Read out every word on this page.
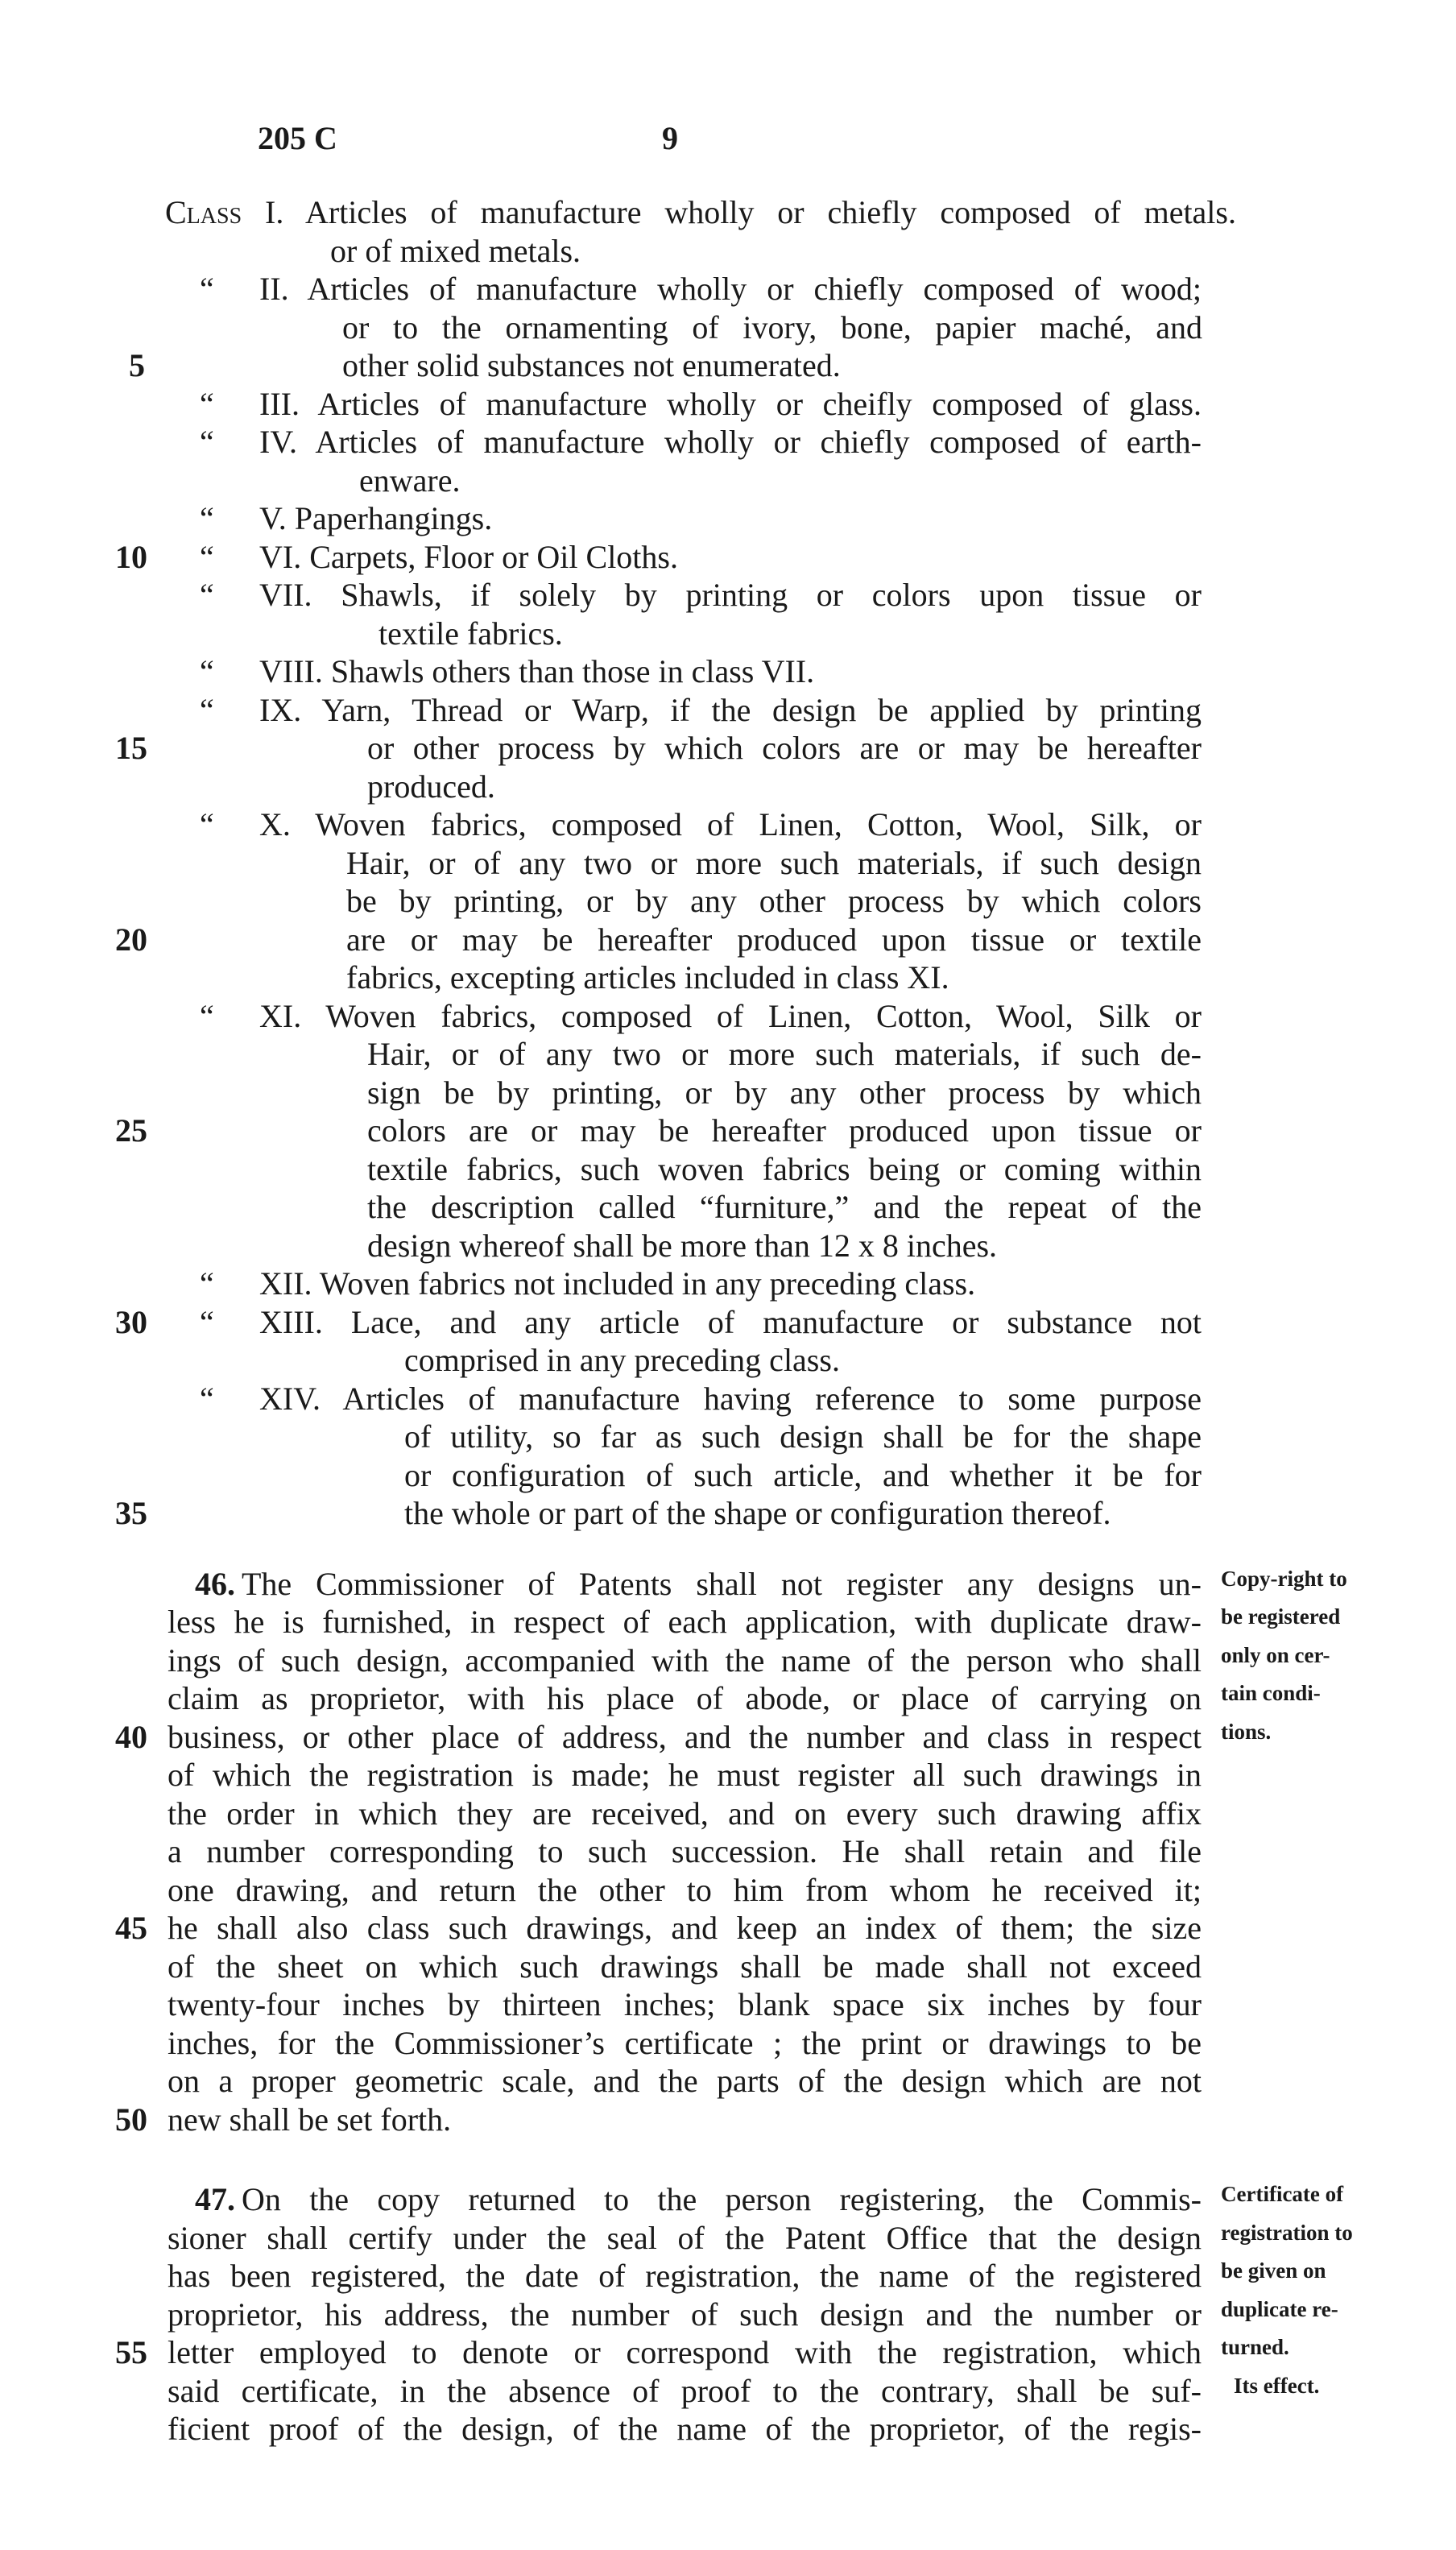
205 C	9
Class I. Articles of manufacture wholly or chiefly composed of metals.
or of mixed metals.
“ II. Articles of manufacture wholly or chiefly composed of wood;
or to the ornamenting of ivory, bone, papier maché, and
5	other solid substances not enumerated.
“ III. Articles of manufacture wholly or cheifly composed of glass.
“ IV. Articles of manufacture wholly or chiefly composed of earth-
enware.
“ V. Paperhangings.
10 “ VI. Carpets, Floor or Oil Cloths.
“ VII. Shawls, if solely by printing or colors upon tissue or
textile fabrics.
“ VIII. Shawls others than those in class VII.
“ IX. Yarn, Thread or Warp, if the design be applied by printing
15	or other process by which colors are or may be hereafter
produced.
“ X. Woven fabrics, composed of Linen, Cotton, Wool, Silk, or
Hair, or of any two or more such materials, if such design
be by printing, or by any other process by which colors
20	are or may be hereafter produced upon tissue or textile
fabrics, excepting articles included in class XI.
“ XI. Woven fabrics, composed of Linen, Cotton, Wool, Silk or
Hair, or of any two or more such materials, if such de-
sign be by printing, or by any other process by which
25	colors are or may be hereafter produced upon tissue or
textile fabrics, such woven fabrics being or coming within
the description called “furniture,” and the repeat of the
design whereof shall be more than 12 x 8 inches.
“ XII. Woven fabrics not included in any preceding class.
30 “ XIII. Lace, and any article of manufacture or substance not
comprised in any preceding class.
“ XIV. Articles of manufacture having reference to some purpose
of utility, so far as such design shall be for the shape
or configuration of such article, and whether it be for
35	the whole or part of the shape or configuration thereof.
46. The Commissioner of Patents shall not register any designs un- Copy-right to
less he is furnished, in respect of each application, with duplicate draw- be registered
ings of such design, accompanied with the name of the person who shall only on cer-
claim as proprietor, with his place of abode, or place of carrying on tain condi-
40 business, or other place of address, and the number and class in respect tions.
of which the registration is made; he must register all such drawings in
the order in which they are received, and on every such drawing affix
a number corresponding to such succession. He shall retain and file
one drawing, and return the other to him from whom he received it;
45 he shall also class such drawings, and keep an index of them; the size
of the sheet on which such drawings shall be made shall not exceed
twenty-four inches by thirteen inches; blank space six inches by four
inches, for the Commissioner’s certificate ; the print or drawings to be
on a proper geometric scale, and the parts of the design which are not
50 new shall be set forth.
47. On the copy returned to the person registering, the Commis- Certificate of
sioner shall certify under the seal of the Patent Office that the design registration to
has been registered, the date of registration, the name of the registered be given on
proprietor, his address, the number of such design and the number or duplicate re-
55 letter employed to denote or correspond with the registration, which turned.
said certificate, in the absence of proof to the contrary, shall be suf- Its effect.
ficient proof of the design, of the name of the proprietor, of the regis-
